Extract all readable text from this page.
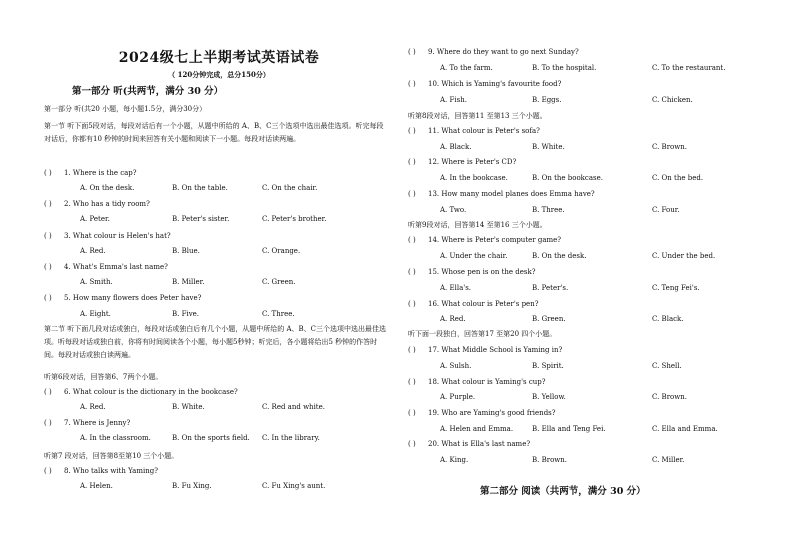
2024级七上半期考试英语试卷
（ 120分钟完成，总分150分）
第一部分 听(共两节，满分 30 分）
第一部分 听(共20 小题，每小题1.5分，满分30分）
第一节 听下面5段对话，每段对话后有一个小题，从题中所给的 A、B、C三个选项中选出最佳选项。听完每段对话后，你都有10 秒钟的时间来回答有关小题和阅读下一小题。每段对话读两遍。
( ) 1. Where is the cap?
A. On the desk.	B. On the table.	C. On the chair.
( ) 2. Who has a tidy room?
A. Peter.	B. Peter's sister.	C. Peter's brother.
( ) 3. What colour is Helen's hat?
A. Red.	B. Blue.	C. Orange.
( ) 4. What's Emma's last name?
A. Smith.	B. Miller.	C. Green.
( ) 5. How many flowers does Peter have?
A. Eight.	B. Five.	C. Three.
( ) 6. What colour is the dictionary in the bookcase?
A. Red.	B. White.	C. Red and white.
( ) 7. Where is Jenny?
A. In the classroom.	B. On the sports field. C. In the library.
( ) 8. Who talks with Yaming?
A. Helen.	B. Fu Xing.	C. Fu Xing's aunt.
第二节 听下面几段对话或独白，每段对话或独白后有几个小题，从题中所给的 A、B、C三个选项中选出最佳选项。听每段对话或独白前，你将有时间阅读各个小题，每小题5秒钟；听完后，各小题将给出5 秒钟的作答时间。每段对话或独白读两遍。
听第6段对话，回答第6、7两个小题。
听第7 段对话，回答第8至第10 三个小题。
( ) 9. Where do they want to go next Sunday?
A. To the farm.	B. To the hospital.	C. To the restaurant.
( ) 10. Which is Yaming's favourite food?
A. Fish.	B. Eggs.	C. Chicken.
( ) 11. What colour is Peter's sofa?
A. Black.	B. White.	C. Brown.
( ) 12. Where is Peter's CD?
A. In the bookcase.	B. On the bookcase.	C. On the bed.
( ) 13. How many model planes does Emma have?
A. Two.	B. Three.	C. Four.
( ) 14. Where is Peter's computer game?
A. Under the chair.	B. On the desk.	C. Under the bed.
( ) 15. Whose pen is on the desk?
A. Ella's.	B. Peter's.	C. Teng Fei's.
( ) 16. What colour is Peter's pen?
A. Red.	B. Green.	C. Black.
( ) 17. What Middle School is Yaming in?
A. Sulsh.	B. Spirit.	C. Shell.
( ) 18. What colour is Yaming's cup?
A. Purple.	B. Yellow.	C. Brown.
( ) 19. Who are Yaming's good friends?
A. Helen and Emma.	B. Ella and Teng Fei.	C. Ella and Emma.
( ) 20. What is Ella's last name?
A. King.	B. Brown.	C. Miller.
听第8段对话，回答第11 至第13 三个小题。
听第9段对话，回答第14 至第16 三个小题。
听下面一段独白，回答第17 至第20 四个小题。
第二部分 阅读（共两节，满分 30 分）
